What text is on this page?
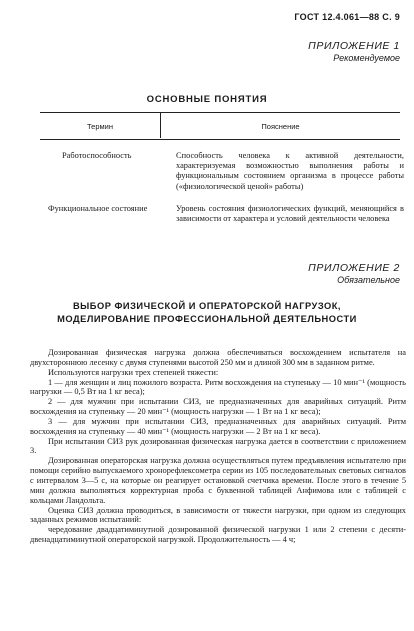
ГОСТ 12.4.061—88 С. 9
ПРИЛОЖЕНИЕ 1
Рекомендуемое
ОСНОВНЫЕ ПОНЯТИЯ
Термин	Пояснение
Работоспособность	Способность человека к активной деятельности, характеризуемая возможностью выполнения работы и функциональным состоянием организма в процессе работы («физиологической ценой» работы)
Функциональное состояние	Уровень состояния физиологических функций, меняющийся в зависимости от характера и условий деятельности человека
ПРИЛОЖЕНИЕ 2
Обязательное
ВЫБОР ФИЗИЧЕСКОЙ И ОПЕРАТОРСКОЙ НАГРУЗОК,
МОДЕЛИРОВАНИЕ ПРОФЕССИОНАЛЬНОЙ ДЕЯТЕЛЬНОСТИ

Дозированная физическая нагрузка должна обеспечиваться восхождением испытателя на двухстороннюю лесенку с двумя ступенями высотой 250 мм и длиной 300 мм в заданном ритме.

Используются нагрузки трех степеней тяжести:

1 — для женщин и лиц пожилого возраста. Ритм восхождения на ступеньку — 10 мин⁻¹ (мощность нагрузки — 0,5 Вт на 1 кг веса);

2 — для мужчин при испытании СИЗ, не предназначенных для аварийных ситуаций. Ритм восхождения на ступеньку — 20 мин⁻¹ (мощность нагрузки — 1 Вт на 1 кг веса);

3 — для мужчин при испытании СИЗ, предназначенных для аварийных ситуаций. Ритм восхождения на ступеньку — 40 мин⁻¹ (мощность нагрузки — 2 Вт на 1 кг веса).

При испытании СИЗ рук дозированная физическая нагрузка дается в соответствии с приложением 3.

Дозированная операторская нагрузка должна осуществляться путем предъявления испытателю при помощи серийно выпускаемого хронорефлексометра серии из 105 последовательных световых сигналов с интервалом 3—5 с, на которые он реагирует остановкой счетчика времени. После этого в течение 5 мин должна выполняться корректурная проба с буквенной таблицей Анфимова или с таблицей с кольцами Ландольта.

Оценка СИЗ должна проводиться, в зависимости от тяжести нагрузки, при одном из следующих заданных режимов испытаний:

чередование двадцатиминутной дозированной физической нагрузки 1 или 2 степени с десяти-двенадцатиминутной операторской нагрузкой. Продолжительность — 4 ч;
